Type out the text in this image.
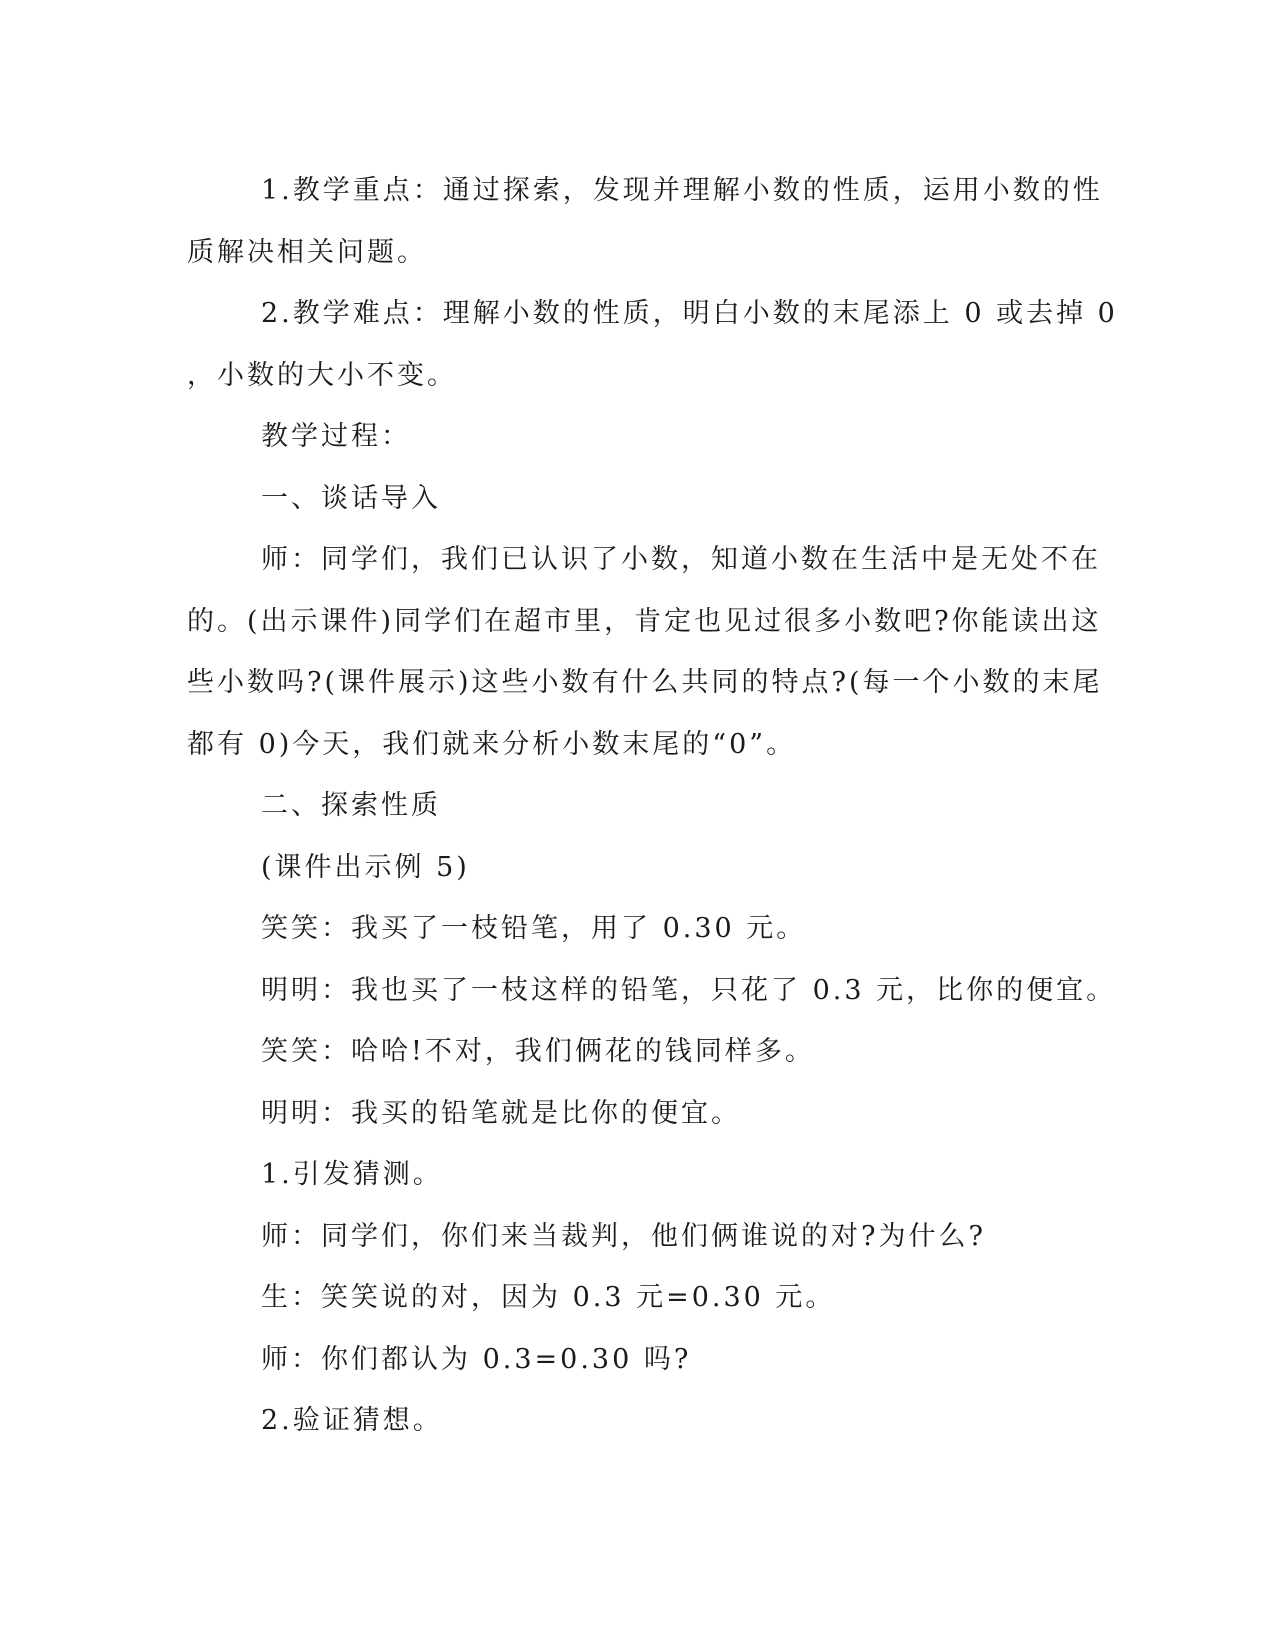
1.教学重点：通过探索，发现并理解小数的性质，运用小数的性

质解决相关问题。

2.教学难点：理解小数的性质，明白小数的末尾添上 0 或去掉 0

，小数的大小不变。

教学过程：

一、谈话导入

师：同学们，我们已认识了小数，知道小数在生活中是无处不在

的。(出示课件)同学们在超市里，肯定也见过很多小数吧?你能读出这

些小数吗?(课件展示)这些小数有什么共同的特点?(每一个小数的末尾

都有 0)今天，我们就来分析小数末尾的“0”。

二、探索性质

(课件出示例 5)

笑笑：我买了一枝铅笔，用了 0.30 元。

明明：我也买了一枝这样的铅笔，只花了 0.3 元，比你的便宜。

笑笑：哈哈!不对，我们俩花的钱同样多。

明明：我买的铅笔就是比你的便宜。

1.引发猜测。

师：同学们，你们来当裁判，他们俩谁说的对?为什么?

生：笑笑说的对，因为 0.3 元=0.30 元。

师：你们都认为 0.3=0.30 吗?

2.验证猜想。
